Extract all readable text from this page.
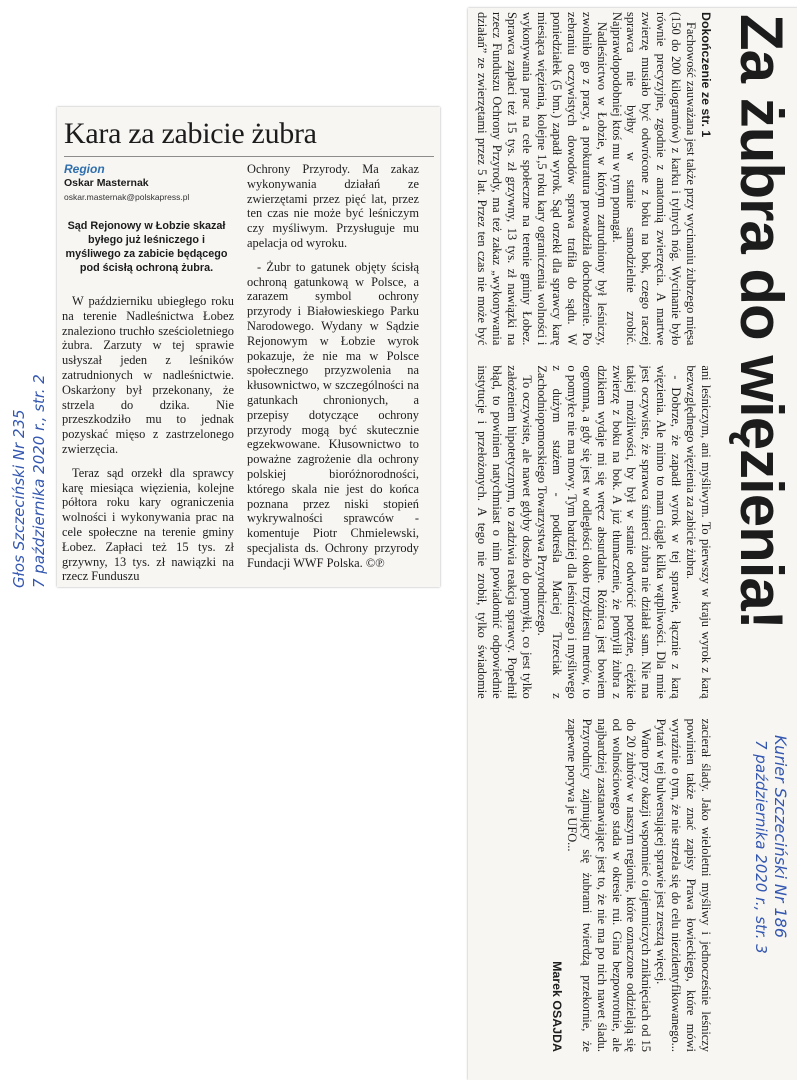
Kara za zabicie żubra
Region
Oskar Masternak
oskar.masternak@polskapress.pl
Sąd Rejonowy w Łobzie skazał byłego już leśniczego i myśliwego za zabicie będącego pod ścisłą ochroną żubra.

W październiku ubiegłego roku na terenie Nadleśnictwa Łobez znaleziono truchło sześcioletniego żubra. Zarzuty w tej sprawie usłyszał jeden z leśników zatrudnionych w nadleśnictwie. Oskarżony był przekonany, że strzela do dzika. Nie przeszkodziło mu to jednak pozyskać mięso z zastrzelonego zwierzęcia.

Teraz sąd orzekł dla sprawcy karę miesiąca więzienia, kolejne półtora roku kary ograniczenia wolności i wykonywania prac na cele społeczne na terenie gminy Łobez. Zapłaci też 15 tys. zł grzywny, 13 tys. zł nawiązki na rzecz Funduszu

Ochrony Przyrody. Ma zakaz wykonywania działań ze zwierzętami przez pięć lat, przez ten czas nie może być leśniczym czy myśliwym. Przysługuje mu apelacja od wyroku.

- Żubr to gatunek objęty ścisłą ochroną gatunkową w Polsce, a zarazem symbol ochrony przyrody i Białowieskiego Parku Narodowego. Wydany w Sądzie Rejonowym w Łobzie wyrok pokazuje, że nie ma w Polsce społecznego przyzwolenia na kłusownictwo, w szczególności na gatunkach chronionych, a przepisy dotyczące ochrony przyrody mogą być skutecznie egzekwowane. Kłusownictwo to poważne zagrożenie dla ochrony polskiej bioróżnorodności, którego skala nie jest do końca poznana przez niski stopień wykrywalności sprawców - komentuje Piotr Chmielewski, specjalista ds. Ochrony przyrody Fundacji WWF Polska. ©℗

Głos Szczeciński Nr 235 7 października 2020 r., str. 2	Za żubra do więzienia!

Dokończenie ze str. 1

Fachowość zauważana jest także przy wycinaniu żubrzego mięsa (150 do 200 kilogramów) z karku i tylnych nóg. Wycinanie było równie precyzyjne, zgodnie z anatomią zwierzęcia. A martwe zwierzę musiało być odwrócone z boku na bok, czego raczej sprawca nie byłby w stanie samodzielnie zrobić. Najprawdopodobniej ktoś mu w tym pomagał.

Nadleśnictwo w Łobzie, w którym zatrudniony był leśniczy, zwolniło go z pracy, a prokuratura prowadziła dochodzenie. Po zebraniu oczywistych dowodów sprawa trafiła do sądu. W poniedziałek (5 bm.) zapadł wyrok. Sąd orzekł dla sprawcy karę miesiąca więzienia, kolejne 1,5 roku kary ograniczenia wolności i wykonywania prac na cele społeczne na terenie gminy Łobez. Sprawca zapłaci też 15 tys. zł grzywny, 13 tys. zł nawiązki na rzecz Funduszu Ochrony Przyrody, ma też zakaz „wykonywania działań” ze zwierzętami przez 5 lat. Przez ten czas nie może być ani leśniczym, ani myśliwym. To pierwszy w kraju wyrok z karą bezwzględnego więzienia za zabicie żubra.

- Dobrze, że zapadł wyrok w tej sprawie, łącznie z karą więzienia. Ale mimo to mam ciągle kilka wątpliwości. Dla mnie jest oczywiste, że sprawca śmierci żubra nie działał sam. Nie ma takiej możliwości, by był w stanie odwrócić potężne, ciężkie zwierzę z boku na bok. A już tłumaczenie, że pomylił żubra z dzikiem wydaje mi się wręcz absurdalne. Różnica jest bowiem ogromna, a gdy się jest w odległości około trzydziestu metrów, to o pomyłce nie ma mowy. Tym bardziej dla leśniczego i myśliwego z dużym stażem - podkreśla Maciej Trzeciak z Zachodniopomorskiego Towarzystwa Przyrodniczego.

To oczywiste, ale nawet gdyby doszło do pomyłki, co jest tylko założeniem hipotetycznym, to zadziwia reakcja sprawcy. Popełnił błąd, to powinien natychmiast o nim powiadomić odpowiednie instytucje i przełożonych. A tego nie zrobił, tylko świadomie zacierał ślady. Jako wieloletni myśliwy i jednocześnie leśniczy powinien także znać zapisy Prawa łowieckiego, które mówi wyraźnie o tym, że nie strzela się do celu niezidentyfikowanego... Pytań w tej bulwersującej sprawie jest zresztą więcej.

Warto przy okazji wspomnieć o tajemniczych zniknięciach od 15 do 20 żubrów w naszym regionie, które oznaczone oddzielają się od wolnościowego stada w okresie rui. Gina bezpowrotnie, ale najbardziej zastanawiające jest to, że nie ma po nich nawet śladu. Przyrodnicy zajmujący się żubrami twierdzą przekornie, że zapewne porywa je UFO...

Marek OSAJDA

Kurier Szczeciński Nr 186
7 października 2020 r., str. 3
